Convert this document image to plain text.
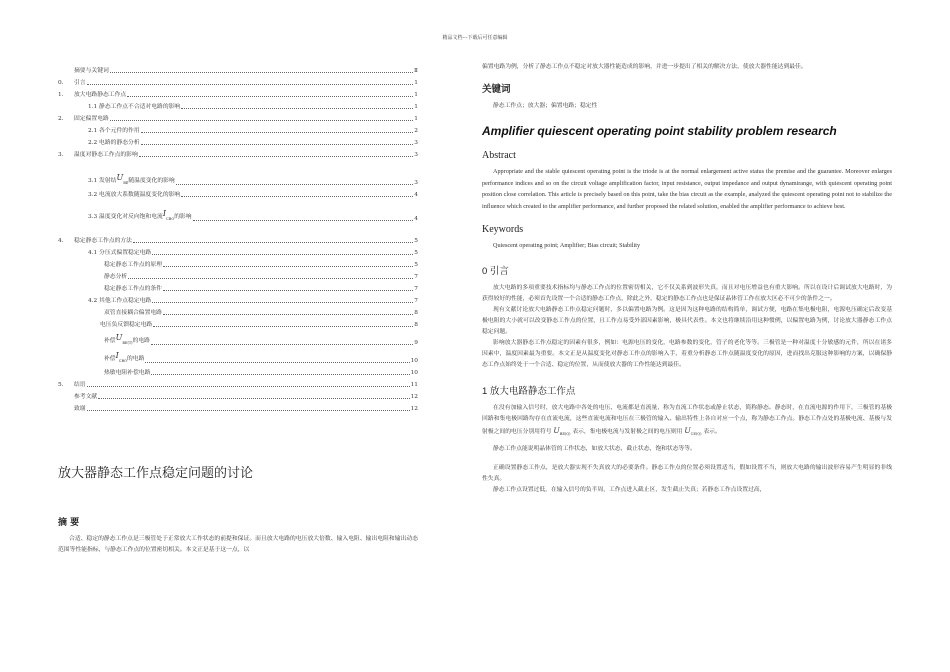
精品文档---下载后可任意编辑
摘要与关键词	Ⅱ
0.	引言	1
1.	放大电路静态工作点	1
1.1 静态工作点不合适对电路的影响	1
2.	固定偏置电路	1
2.1 各个元件的作用	2
2.2 电路的静态分析	3
3.	温度对静态工作点的影响	3
3.1 发射结$U_{BE}$随温度变化的影响	3
3.2 电流放大系数随温度变化的影响	4
3.3 温度变化对反向饱和电流$I_{CBO}$的影响	4
4.	稳定静态工作点的方法	5
4.1 分压式偏置稳定电路	5
稳定静态工作点的原理	5
静态分析	7
稳定静态工作点的条件	7
4.2 其他工作点稳定电路	7
双管直接耦合偏置电路	8
电压负反馈稳定电路	8
补偿$U_{BE(T)}$的电路	9
补偿$I_{CBO}$的电路	10
热敏电阻补偿电路	10
5.	结语	11
参考文献	12
致谢	12
放大器静态工作点稳定问题的讨论
摘 要
合适、稳定的静态工作点是三极管处于正常放大工作状态的前提和保证。而且放大电路的电压放大倍数、输入电阻、输出电阻和输出动态范围等性能指标，与静态工作点的位置密切相关。本文正是基于这一点，以
偏置电路为例，分析了静态工作点不稳定对放大器性能造成的影响，并进一步提出了相关的解决方法，使放大器性能达到最佳。
关键词
静态工作点；放大器；偏置电路；稳定性
Amplifier quiescent operating point stability problem research
Abstract
Appropriate and the stable quiescent operating point is the triode is at the normal enlargement active status the premise and the guarantee. Moreover enlarges performance indices and so on the circuit voltage amplification factor, input resistance, output impedance and output dynamirange, with quiescent operating point position close correlation. This article is precisely based on this point, take the bias circuit as the example, analyzed the quiescent operating point not to stabilize the influence which created to the amplifier performance, and further proposed the related solution, enabled the amplifier performance to achieve best.
Keywords
Quiescent operating point; Amplifier; Bias circuit; Stability
0 引言
放大电路的多项重要技术指标均与静态工作点的位置密切相关，它不仅关系到波形失真，而且对电压增益也有重大影响。所以在设计后调试放大电路时，为获得较好的性能，必须首先设置一个合适的静态工作点，除此之外，稳定的静态工作点也是保证晶体管工作在放大区必不可少的条件之一。
现有文献讨论放大电路静态工作点稳定问题时，多以偏置电路为例。这是因为这种电路的结构简单，调试方便，电路在集电极电阻，电源电压确定后改变基极电阻的大小就可以改变静态工作点的位置，且工作点易受外部因素影响，极具代表性。本文也将继续沿用这种惯例，以偏置电路为例，讨论放大器静态工作点稳定问题。
影响放大器静态工作点稳定的因素有很多，例如：电源电压的变化，电路参数的变化，管子的老化等等。三极管是一种对温度十分敏感的元件，所以在诸多因素中，温度因素最为重要。本文正是从温度变化对静态工作点的影响入手，着重分析静态工作点随温度变化的原因，进而找出克服这种影响的方案，以确保静态工作点始终处于一个合适、稳定的位置，从而使放大器的工作性能达到最佳。
1 放大电路静态工作点
在没有加输入信号时，放大电路中各处的电压、电流都是直流量，称为直流工作状态或静止状态，简称静态。静态时，在直流电源的作用下，三极管的基极回路和集电极回路均存在直流电流，这些直流电流和电压在三极管的输入、输出特性上各自对应一个点，称为静态工作点。静态工作点处的基极电流、基极与发射极之间的电压分别用符号 $U_{BE(Q)}$ 表示，集电极电流与发射极之间的电压则用 $U_{CE(Q)}$ 表示。
静态工作点能说明晶体管的工作状态，如放大状态，截止状态，饱和状态等等。
正确设置静态工作点，是放大器实现不失真放大的必要条件。静态工作点的位置必须设置适当，假如设置不当，则放大电路的输出波形容易产生明显的非线性失真。
静态工作点设置过低，在输入信号的负半周，工作点进入截止区，发生截止失真；若静态工作点设置过高，
